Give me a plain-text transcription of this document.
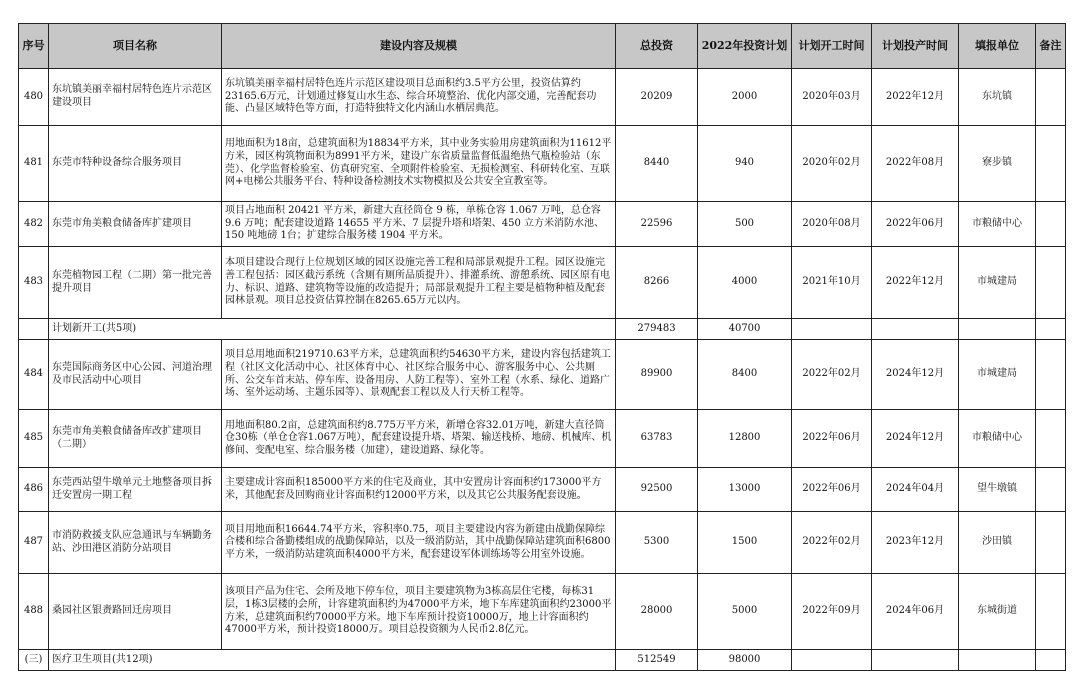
序号	项目名称	建设内容及规模	总投资	2022年投资计划	计划开工时间	计划投产时间	填报单位	备注
480	东坑镇美丽幸福村居特色连片示范区建设项目	东坑镇美丽幸福村居特色连片示范区建设项目总面积约3.5平方公里，投资估算约23165.6万元，计划通过修复山水生态、综合环境整治、优化内部交通，完善配套功能、凸显区域特色等方面，打造特独特文化内涵山水栖居典范。	20209	2000	2020年03月	2022年12月	东坑镇	
481	东莞市特种设备综合服务项目	用地面积为18亩，总建筑面积为18834平方米，其中业务实验用房建筑面积为11612平方米，园区构筑物面积为8991平方米，建设广东省质量监督低温绝热气瓶检验站（东莞）、化学监督检验室、仿真研究室、全项附件检验室、无损检测室、科研转化室、互联网+电梯公共服务平台、特种设备检测技术实物模拟及公共安全宣教室等。	8440	940	2020年02月	2022年08月	寮步镇	
482	东莞市角美粮食储备库扩建项目	项目占地面积 20421 平方米，新建大直径筒仓 9 栋，单栋仓容 1.067 万吨，总仓容 9.6 万吨；配套建设道路 14655 平方米、7 层提升塔和塔架、450 立方米消防水池、150 吨地磅 1台；扩建综合服务楼 1904 平方米。	22596	500	2020年08月	2022年06月	市粮储中心	
483	东莞植物园工程（二期）第一批完善提升项目	本项目建设合现行上位规划区域的园区设施完善工程和局部景观提升工程。园区设施完善工程包括：园区截污系统（含厕有厕所品质提升）、排灌系统、游憩系统、园区原有电力、标识、道路、建筑物等设施的改造提升；局部景观提升工程主要是植物种植及配套园林景观。项目总投资估算控制在8265.65万元以内。	8266	4000	2021年10月	2022年12月	市城建局	
	计划新开工(共5项)		279483	40700				
484	东莞国际商务区中心公园、河道治理及市民活动中心项目	项目总用地面积219710.63平方米，总建筑面积约54630平方米，建设内容包括建筑工程（社区文化活动中心、社区体育中心、社区综合服务中心、游客服务中心、公共厕所、公交车首末站、停车库、设备用房、人防工程等）、室外工程（水系、绿化、道路广场、室外运动场、主题乐园等）、景观配套工程以及人行天桥工程等。	89900	8400	2022年02月	2024年12月	市城建局	
485	东莞市角美粮食储备库改扩建项目（二期）	用地面积80.2亩，总建筑面积约8.775万平方米，新增仓容32.01万吨，新建大直径筒仓30栋（单仓仓容1.067万吨），配套建设提升塔、塔架、输送栈桥、地磅、机械库、机修间、变配电室、综合服务楼（加建），建设道路、绿化等。	63783	12800	2022年06月	2024年12月	市粮储中心	
486	东莞西站望牛墩单元土地整备项目拆迁安置房一期工程	主要建成计容面积185000平方米的住宅及商业，其中安置房计容面积约173000平方米，其他配套及回购商业计容面积约12000平方米，以及其它公共服务配套设施。	92500	13000	2022年06月	2024年04月	望牛墩镇	
487	市消防救援支队应急通讯与车辆勤务站、沙田港区消防分站项目	项目用地面积16644.74平方米，容积率0.75，项目主要建设内容为新建由战勤保障综合楼和综合备勤楼组成的战勤保障站，以及一级消防站，其中战勤保障站建筑面积6800平方米，一级消防站建筑面积4000平方米，配套建设军体训练场等公用室外设施。	5300	1500	2022年02月	2023年12月	沙田镇	
488	桑园社区银赉路回迁房项目	该项目产品为住宅、会所及地下停车位，项目主要建筑物为3栋高层住宅楼，每栋31层，1栋3层楼的会所，计容建筑面积约为47000平方米，地下车库建筑面积约23000平方米，总建筑面积约70000平方米。地下车库预计投资10000万，地上计容面积约47000平方米，预计投资18000万。项目总投资额为人民币2.8亿元。	28000	5000	2022年09月	2024年06月	东城街道	
(三)	医疗卫生项目(共12项)		512549	98000				
